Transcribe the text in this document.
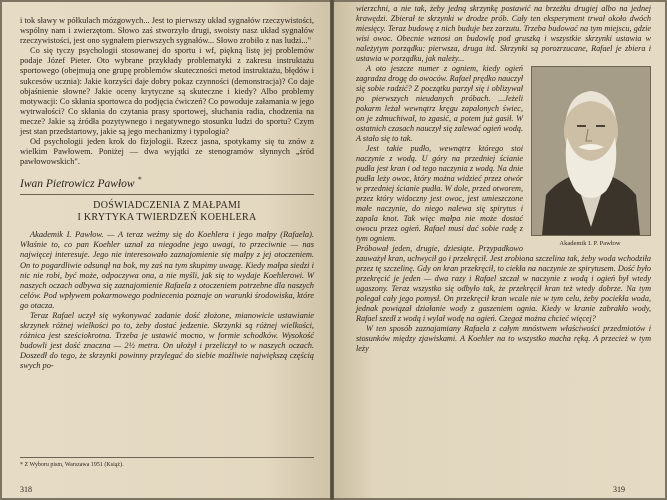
i tok sławy w półkulach mózgowych... Jest to pierwszy układ sygnałów rzeczywistości, wspólny nam i zwierzętom. Słowo zaś stworzyło drugi, swoisty nasz układ sygnałów rzeczywistości, jest ono sygnałem pierwszych sygnałów... Słowo zrobiło z nas ludzi..."

Co się tyczy psychologii stosowanej do sportu i wf, piękną listę jej problemów podaje Józef Pieter. Oto wybrane przykłady problematyki z zakresu instruktażu sportowego (obejmują one grupę problemów skuteczności metod instruktażu, błędów i sukcesów ucznia): Jakie korzyści daje dobry pokaz czynności (demonstracja)? Co daje objaśnienie słowne? Jakie oceny krytyczne są skuteczne i kiedy? Albo problemy motywacji: Co skłania sportowca do podjęcia ćwiczeń? Co powoduje załamania w jego wytrwałości? Co skłania do czytania prasy sportowej, słuchania radia, chodzenia na mecze? Jakie są źródła pozytywnego i negatywnego stosunku ludzi do sportu? Czym jest stan przedstartowy, jakie są jego mechanizmy i typologia?

Od psychologii jeden krok do fizjologii. Rzecz jasna, spotykamy się tu znów z wielkim Pawłowem. Poniżej — dwa wyjątki ze stenogramów słynnych „śród pawłowowskich".

Iwan Pietrowicz Pawłow *
DOŚWIADCZENIA Z MAŁPAMI
I KRYTYKA TWIERDZEŃ KOEHLERA

Akademik I. Pawłow. — A teraz weźmy się do Koehlera i jego małpy (Rafaela). Właśnie to, co pan Koehler uznał za niegodne jego uwagi, to przeciwnie — nas najwięcej interesuje. Jego nie interesowało zaznajomienie się małpy z jej otoczeniem. On to pogardliwie odsunął na bok, my zaś na tym skupimy uwagę. Kiedy małpa siedzi i nic nie robi, być może, odpoczywa ona, a nie myśli, jak się to wydaje Koehlerowi. W naszych oczach odbywa się zaznajomienie Rafaela z otoczeniem potrzebne dla naszych celów. Pod wpływem pokarmowego podniecenia poznaje on warunki środowiska, które go otacza.

Teraz Rafael uczył się wykonywać zadanie dość złożone, mianowicie ustawianie skrzynek różnej wielkości po to, żeby dostać jedzenie. Skrzynki są różnej wielkości, różnica jest sześciokrotna. Trzeba je ustawić mocno, w formie schodków. Wysokość budowli jest dość znaczna — 2½ metra. On ułożył i przeliczył to w naszych oczach. Doszedł do tego, że skrzynki powinny przylegać do siebie możliwie największą częścią swych po-

* Z Wyboru pism, Warszawa 1951 (Książ).
318

wierzchni, a nie tak, żeby jedną skrzynkę postawić na brzeżku drugiej albo na jednej krawędzi. Zbierał te skrzynki w drodze prób. Cały ten eksperyment trwał około dwóch miesięcy. Teraz budowę z nich buduje bez zarzutu. Trzeba budować na tym miejscu, gdzie wisi owoc. Obecnie wznosi on budowlę pod gruszką i wszystkie skrzynki ustawia w należytym porządku: pierwsza, druga itd. Skrzynki są porozrzucane, Rafael je zbiera i ustawia w porządku, jak należy...

Akademik I. P. Pawłow

A oto jeszcze numer z ogniem, kiedy ogień zagradza drogę do owoców. Rafael prędko nauczył się sobie radzić? Z początku parzył się i oblizywał po pierwszych nieudanych próbach. ...Jeżeli pokarm leżał wewnątrz kręgu zapalonych świec, on je zdmuchiwał, to zgasić, a potem już gasił. W ostatnich czasach nauczył się zalewać ogień wodą. A stało się to tak.

Jest takie pudło, wewnątrz którego stoi naczynie z wodą. U góry na przedniej ścianie pudła jest kran i od tego naczynia z wodą. Na dnie pudła leży owoc, który można widzieć przez otwór w przedniej ścianie pudła. W dole, przed otworem, przez który widoczny jest owoc, jest umieszczone małe naczynie, do niego nalewa się spirytus i zapala knot. Tak więc małpa nie może dostać owocu przez ogień. Rafael musi dać sobie radę z tym ogniem.

Próbował jeden, drugie, dziesiąte. Przypadkowo zauważył kran, uchwycił go i przekręcił. Jest zrobiona szczelina tak, żeby woda wchodziła przez tę szczelinę. Gdy on kran przekręcił, to ciekła na naczynie ze spirytusem. Dość było przekręcić je jeden — dwa razy i Rafael szczał w naczynie z wodą i ogień był wtedy ugaszony. Teraz wszystko się odbyło tak, że przekręcił kran też wtedy dobrze. Na tym polegał cały jego pomysł. On przekręcił kran wcale nie w tym celu, żeby pociekła woda, jednak powiązał działanie wody z gaszeniem ognia. Kiedy w kranie zabrakło wody, Rafael szedł z wodą i wylał wodę na ogień. Czegoż można chcieć więcej?

W ten sposób zaznajamiany Rafaela z całym mnóstwem właściwości przedmiotów i stosunków między zjawiskami. A Koehler na to wszystko macha ręką. A przecież w tym leży

319
